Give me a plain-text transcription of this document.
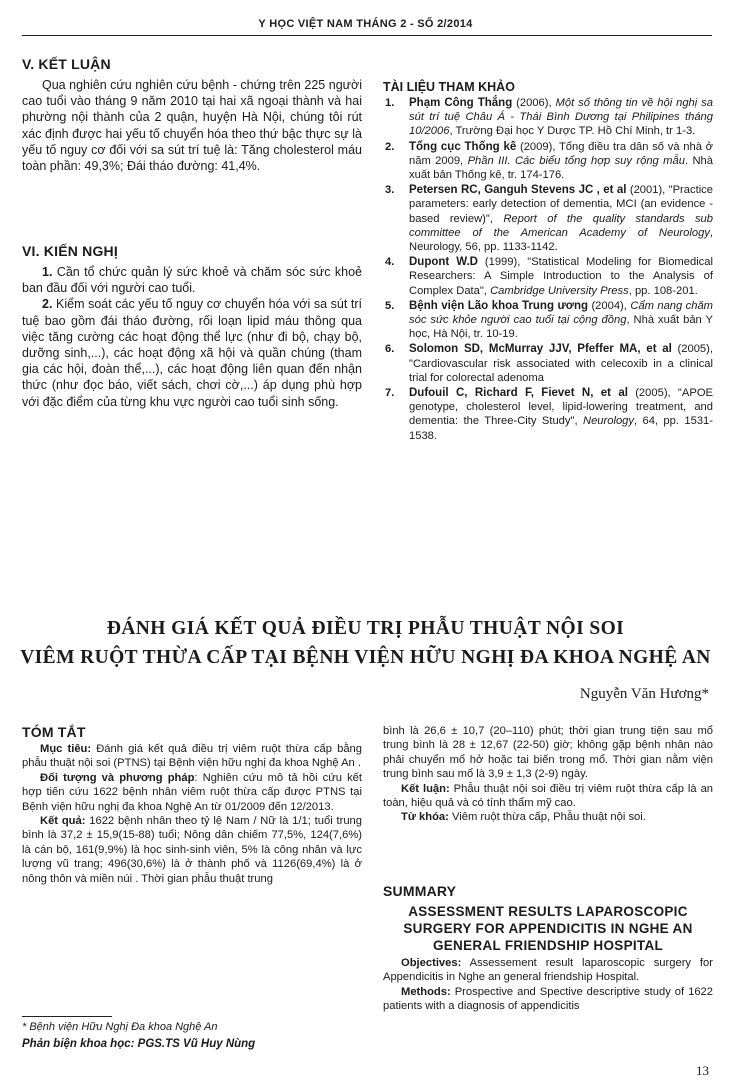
Y HỌC VIỆT NAM THÁNG 2 - SỐ 2/2014
V. KẾT LUẬN

Qua nghiên cứu nghiên cứu bệnh - chứng trên 225 người cao tuổi vào tháng 9 năm 2010 tại hai xã ngoại thành và hai phường nội thành của 2 quận, huyện Hà Nội, chúng tôi rút xác định được hai yếu tố chuyển hóa theo thứ bậc thực sự là yếu tố nguy cơ đối với sa sút trí tuệ là: Tăng cholesterol máu toàn phần: 49,3%; Đái tháo đường: 41,4%.

VI. KIẾN NGHỊ

1. Cần tổ chức quản lý sức khoẻ và chăm sóc sức khoẻ ban đầu đối với người cao tuổi.

2. Kiểm soát các yếu tố nguy cơ chuyển hóa với sa sút trí tuệ bao gồm đái tháo đường, rối loạn lipid máu thông qua việc tăng cường các hoạt động thể lực (như đi bộ, chạy bộ, dưỡng sinh,...), các hoạt động xã hội và quần chúng (tham gia các hội, đoàn thể,...), các hoạt động liên quan đến nhận thức (như đọc báo, viết sách, chơi cờ,...) áp dụng phù hợp với đặc điểm của từng khu vực người cao tuổi sinh sống.

TÀI LIỆU THAM KHẢO
1. Phạm Công Thắng (2006), Một số thông tin về hội nghị sa sút trí tuệ Châu Á - Thái Bình Dương tại Philipines tháng 10/2006, Trường Đại học Y Dược TP. Hồ Chí Minh, tr 1-3.
2. Tổng cục Thống kê (2009), Tổng điều tra dân số và nhà ở năm 2009, Phần III. Các biểu tổng hợp suy rộng mẫu. Nhà xuất bản Thống kê, tr. 174-176.
3. Petersen RC, Ganguh Stevens JC , et al (2001), "Practice parameters: early detection of dementia, MCI (an evidence - based review)", Report of the quality standards sub committee of the American Academy of Neurology, Neurology, 56, pp. 1133-1142.
4. Dupont W.D (1999), "Statistical Modeling for Biomedical Researchers: A Simple Introduction to the Analysis of Complex Data", Cambridge University Press, pp. 108-201.
5. Bệnh viện Lão khoa Trung ương (2004), Cẩm nang chăm sóc sức khỏe người cao tuổi tại cộng đồng, Nhà xuất bản Y học, Hà Nội, tr. 10-19.
6. Solomon SD, McMurray JJV, Pfeffer MA, et al (2005), "Cardiovascular risk associated with celecoxib in a clinical trial for colorectal adenoma
7. Dufouil C, Richard F, Fievet N, et al (2005), "APOE genotype, cholesterol level, lipid-lowering treatment, and dementia: the Three-City Study", Neurology, 64, pp. 1531-1538.
ĐÁNH GIÁ KẾT QUẢ ĐIỀU TRỊ PHẪU THUẬT NỘI SOI
VIÊM RUỘT THỪA CẤP TẠI BỆNH VIỆN HỮU NGHỊ ĐA KHOA NGHỆ AN
Nguyễn Văn Hương*
TÓM TẮT

Mục tiêu: Đánh giá kết quả điều trị viêm ruột thừa cấp bằng phẫu thuật nội soi (PTNS) tại Bệnh viện hữu nghị đa khoa Nghệ An .

Đối tượng và phương pháp: Nghiên cứu mô tả hồi cứu kết hợp tiến cứu 1622 bệnh nhân viêm ruột thừa cấp được PTNS tại Bệnh viện hữu nghị đa khoa Nghệ An từ 01/2009 đến 12/2013.

Kết quả: 1622 bệnh nhân theo tỷ lệ Nam / Nữ là 1/1; tuổi trung bình là 37,2 ± 15,9(15-88) tuổi; Nông dân chiếm 77,5%, 124(7,6%) là cán bộ, 161(9,9%) là học sinh-sinh viên, 5% là công nhân và lực lượng vũ trang; 496(30,6%) là ở thành phố và 1126(69,4%) là ở nông thôn và miền núi . Thời gian phẫu thuật trung

bình là 26,6 ± 10,7 (20–110) phút; thời gian trung tiện sau mổ trung bình là 28 ± 12,67 (22-50) giờ; không gặp bệnh nhân nào phải chuyển mổ hở hoặc tai biến trong mổ. Thời gian nằm viện trung bình sau mổ là 3,9 ± 1,3 (2-9) ngày.

Kết luận: Phẫu thuật nội soi điều trị viêm ruột thừa cấp là an toàn, hiệu quả và có tính thẩm mỹ cao.

Từ khóa: Viêm ruột thừa cấp, Phẫu thuật nội soi.

SUMMARY
ASSESSMENT RESULTS LAPAROSCOPIC
SURGERY FOR APPENDICITIS IN NGHE AN
GENERAL FRIENDSHIP HOSPITAL

Objectives: Assessement result laparoscopic surgery for Appendicitis in Nghe an general friendship Hospital.

Methods: Prospective and Spective descriptive study of 1622 patients with a diagnosis of appendicitis

* Bệnh viện Hữu Nghị Đa khoa Nghệ An
Phản biện khoa học: PGS.TS Vũ Huy Nùng
13
